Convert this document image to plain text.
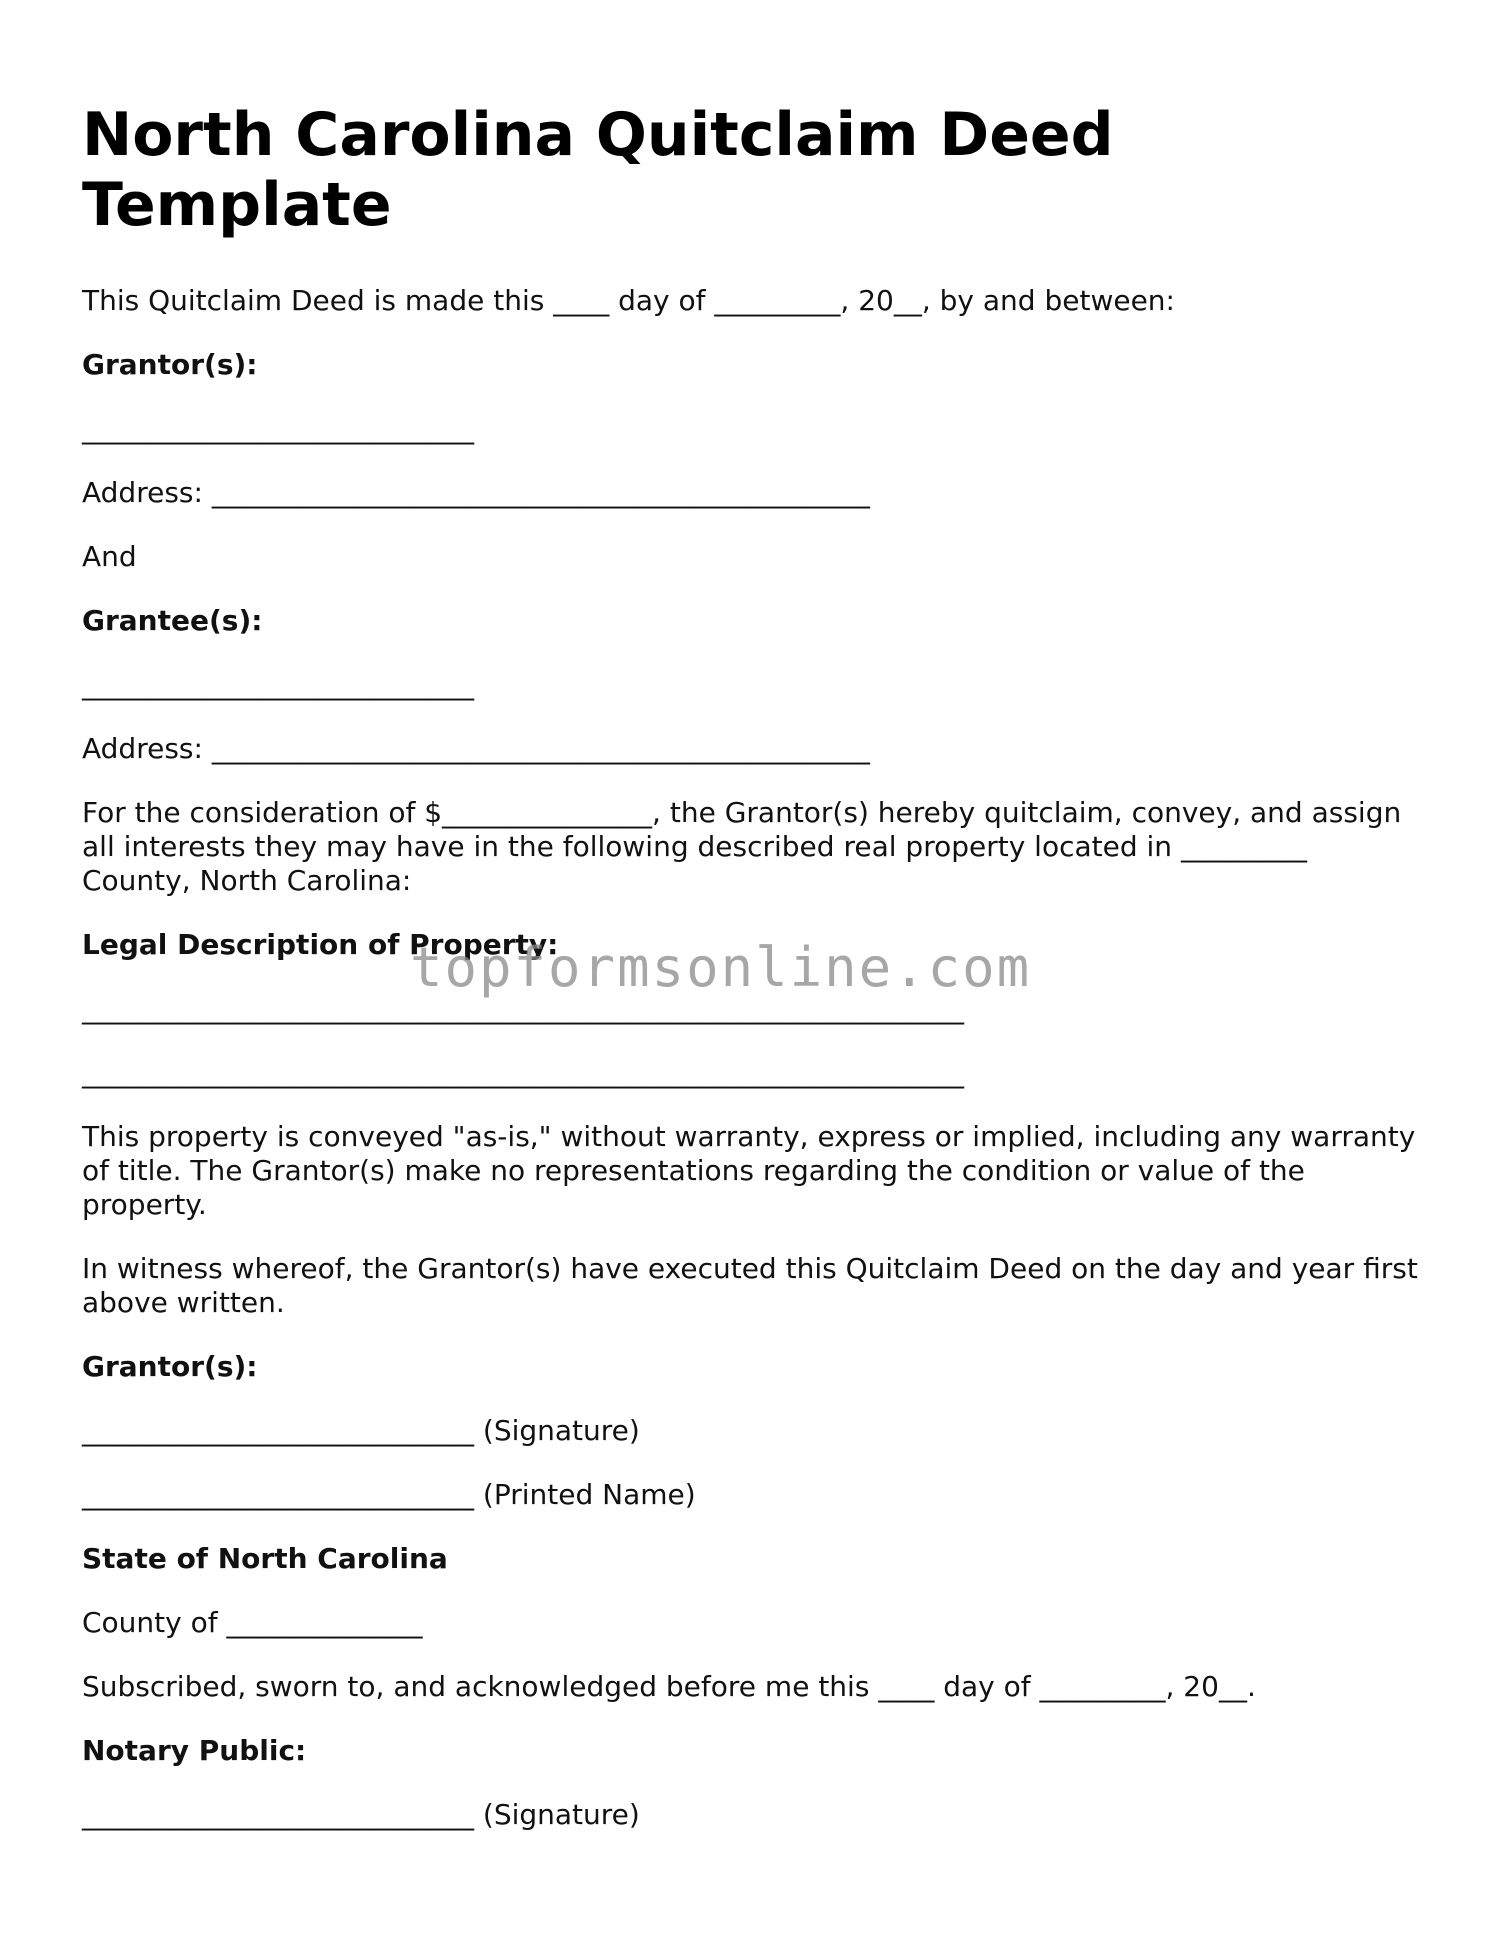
North Carolina Quitclaim Deed Template

This Quitclaim Deed is made this ____ day of _________, 20__, by and between:

Grantor(s):

____________________________

Address: _______________________________________________

And

Grantee(s):

____________________________

Address: _______________________________________________

For the consideration of $_______________, the Grantor(s) hereby quitclaim, convey, and assign all interests they may have in the following described real property located in _________ County, North Carolina:

Legal Description of Property:

_______________________________________________________________

_______________________________________________________________

This property is conveyed "as-is," without warranty, express or implied, including any warranty of title. The Grantor(s) make no representations regarding the condition or value of the property.

In witness whereof, the Grantor(s) have executed this Quitclaim Deed on the day and year first above written.

Grantor(s):

____________________________ (Signature)

____________________________ (Printed Name)

State of North Carolina

County of ______________

Subscribed, sworn to, and acknowledged before me this ____ day of _________, 20__.

Notary Public:

____________________________ (Signature)

topformsonline.com
